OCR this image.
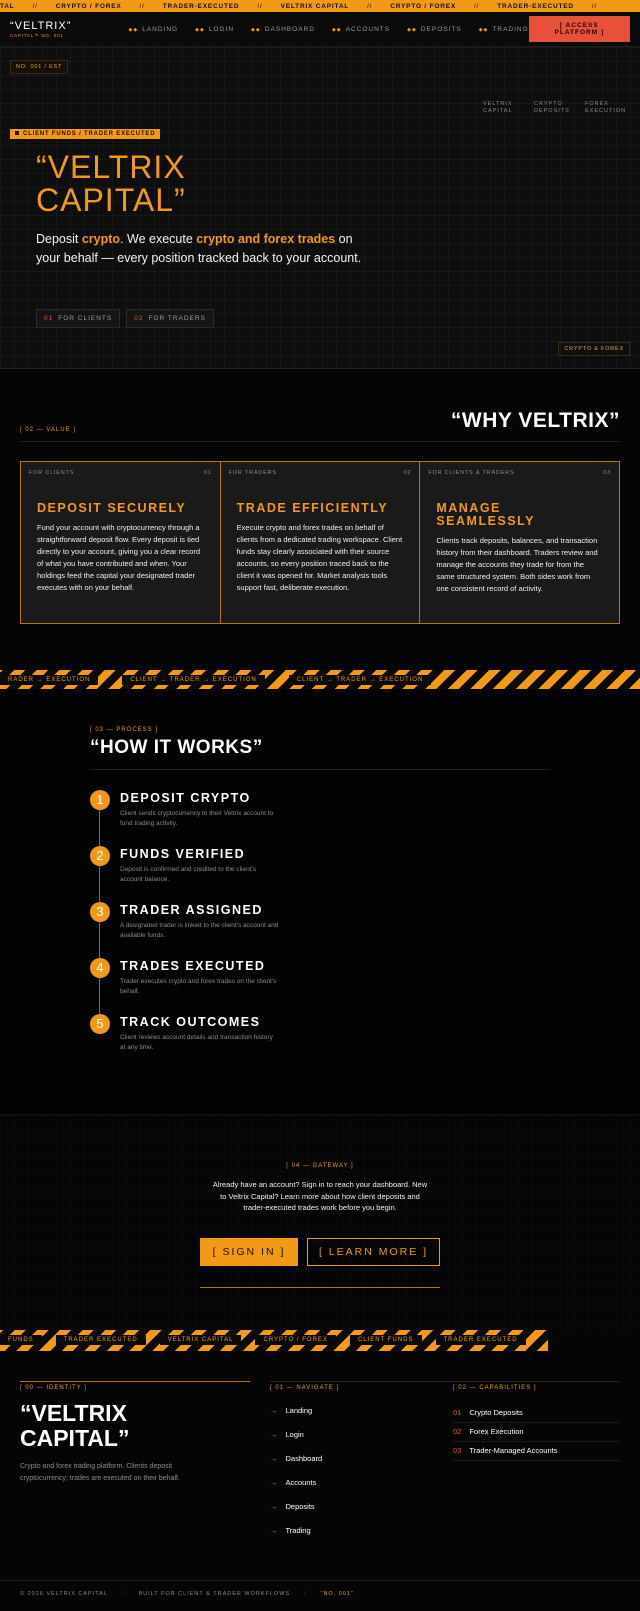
TAL	//	CRYPTO / FOREX	//	TRADER-EXECUTED	//	VELTRIX CAPITAL	//	CRYPTO / FOREX	//	TRADER-EXECUTED	//
“VELTRIX”
CAPITAL™ NO. 001
◆◆ LANDING	◆◆ LOGIN	◆◆ DASHBOARD	◆◆ ACCOUNTS	◆◆ DEPOSITS	◆◆ TRADING	[ ACCESS PLATFORM ]
NO. 001 / EST
VELTRIX CAPITAL
CRYPTO DEPOSITS
FOREX EXECUTION
CLIENT FUNDS / TRADER EXECUTED
“VELTRIX
CAPITAL”

Deposit crypto. We execute crypto and forex trades on your behalf — every position tracked back to your account.

01 FOR CLIENTS	02 FOR TRADERS
CRYPTO & FOREX
[ 02 — VALUE ]	“WHY VELTRIX”
FOR CLIENTS	01
DEPOSIT SECURELY

Fund your account with cryptocurrency through a straightforward deposit flow. Every deposit is tied directly to your account, giving you a clear record of what you have contributed and when. Your holdings feed the capital your designated trader executes with on your behalf.

FOR TRADERS	02
TRADE EFFICIENTLY

Execute crypto and forex trades on behalf of clients from a dedicated trading workspace. Client funds stay clearly associated with their source accounts, so every position traced back to the client it was opened for. Market analysis tools support fast, deliberate execution.

FOR CLIENTS & TRADERS	03
MANAGE SEAMLESSLY

Clients track deposits, balances, and transaction history from their dashboard. Traders review and manage the accounts they trade for from the same structured system. Both sides work from one consistent record of activity.

RADER → EXECUTION	CLIENT → TRADER → EXECUTION	CLIENT → TRADER → EXECUTION
[ 03 — PROCESS ]
“HOW IT WORKS”
1	DEPOSIT CRYPTO

Client sends cryptocurrency to their Veltrix account to fund trading activity.

2	FUNDS VERIFIED

Deposit is confirmed and credited to the client's account balance.

3	TRADER ASSIGNED

A designated trader is linked to the client's account and available funds.

4	TRADES EXECUTED

Trader executes crypto and forex trades on the client's behalf.

5	TRACK OUTCOMES

Client reviews account details and transaction history at any time.

[ 04 — GATEWAY ]

Already have an account? Sign in to reach your dashboard. New to Veltrix Capital? Learn more about how client deposits and trader-executed trades work before you begin.

[ SIGN IN ]	[ LEARN MORE ]
FUNDS	TRADER EXECUTED	VELTRIX CAPITAL	CRYPTO / FOREX	CLIENT FUNDS	TRADER EXECUTED
[ 00 — IDENTITY ]
“VELTRIX
CAPITAL”

Crypto and forex trading platform. Clients deposit cryptocurrency; trades are executed on their behalf.

[ 01 — NAVIGATE ]
→ Landing
→ Login
→ Dashboard
→ Accounts
→ Deposits
→ Trading
[ 02 — CAPABILITIES ]
01 Crypto Deposits
02 Forex Execution
03 Trader-Managed Accounts
© 2026 VELTRIX CAPITAL	/	BUILT FOR CLIENT & TRADER WORKFLOWS	/	“NO. 001”
